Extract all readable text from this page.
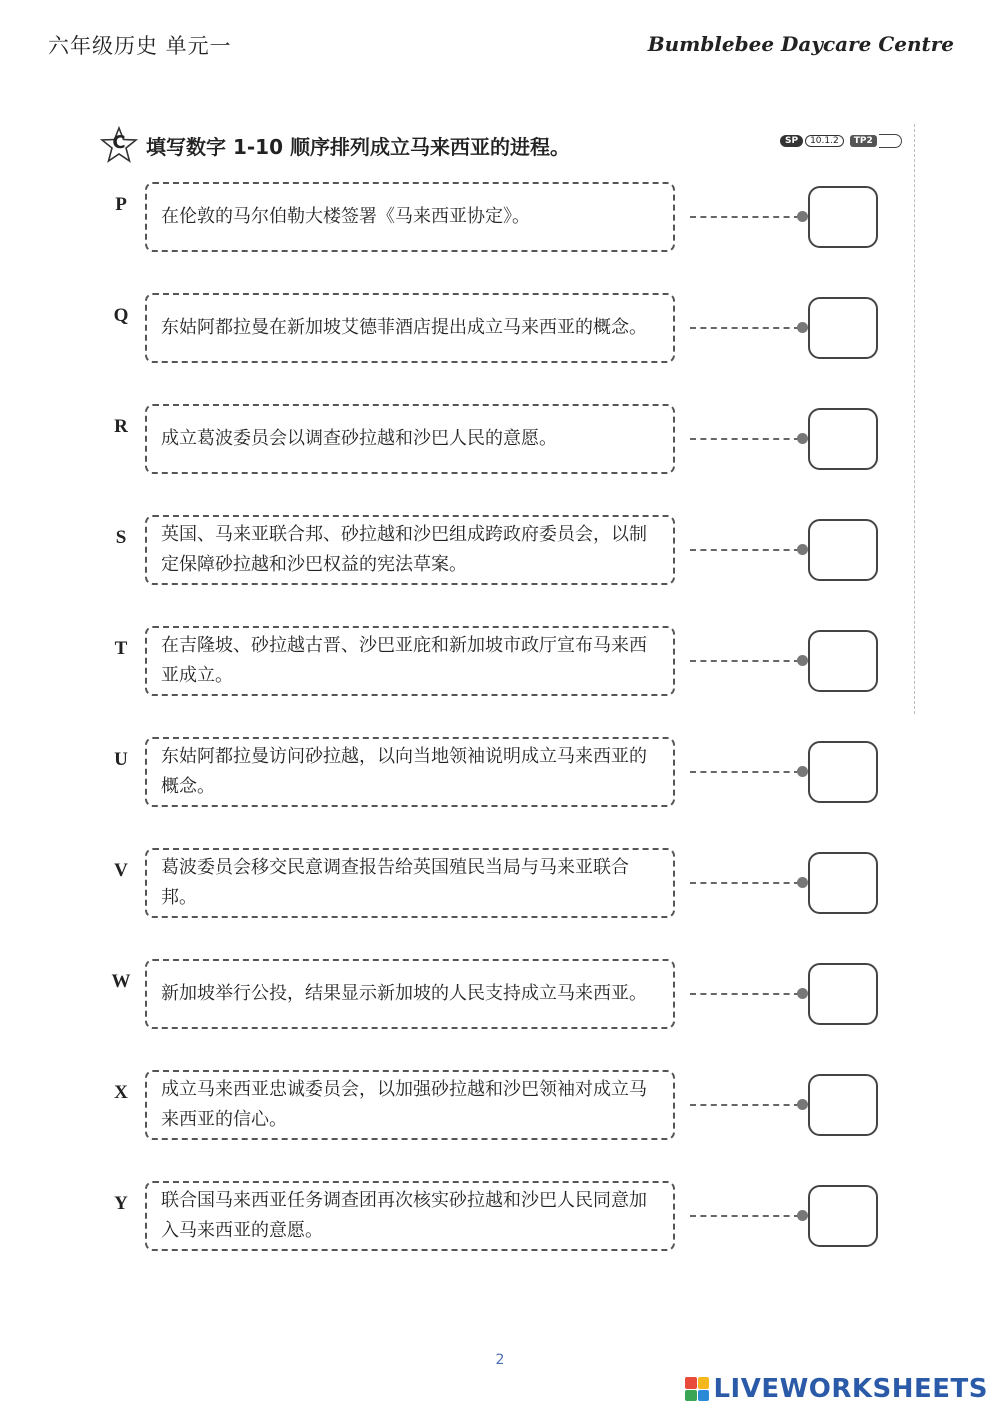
六年级历史 单元一	Bumblebee Daycare Centre
C	填写数字 1-10 顺序排列成立马来西亚的进程。	SP	10.1.2	TP2
P
在伦敦的马尔伯勒大楼签署《马来西亚协定》。
Q
东姑阿都拉曼在新加坡艾德菲酒店提出成立马来西亚的概念。
R
成立葛波委员会以调查砂拉越和沙巴人民的意愿。
S	英国、马来亚联合邦、砂拉越和沙巴组成跨政府委员会，以制定保障砂拉越和沙巴权益的宪法草案。
T	在吉隆坡、砂拉越古晋、沙巴亚庇和新加坡市政厅宣布马来西亚成立。
U	东姑阿都拉曼访问砂拉越，以向当地领袖说明成立马来西亚的概念。
V	葛波委员会移交民意调查报告给英国殖民当局与马来亚联合邦。
W
新加坡举行公投，结果显示新加坡的人民支持成立马来西亚。
X	成立马来西亚忠诚委员会，以加强砂拉越和沙巴领袖对成立马来西亚的信心。
Y	联合国马来西亚任务调查团再次核实砂拉越和沙巴人民同意加入马来西亚的意愿。
2
LIVEWORKSHEETS
